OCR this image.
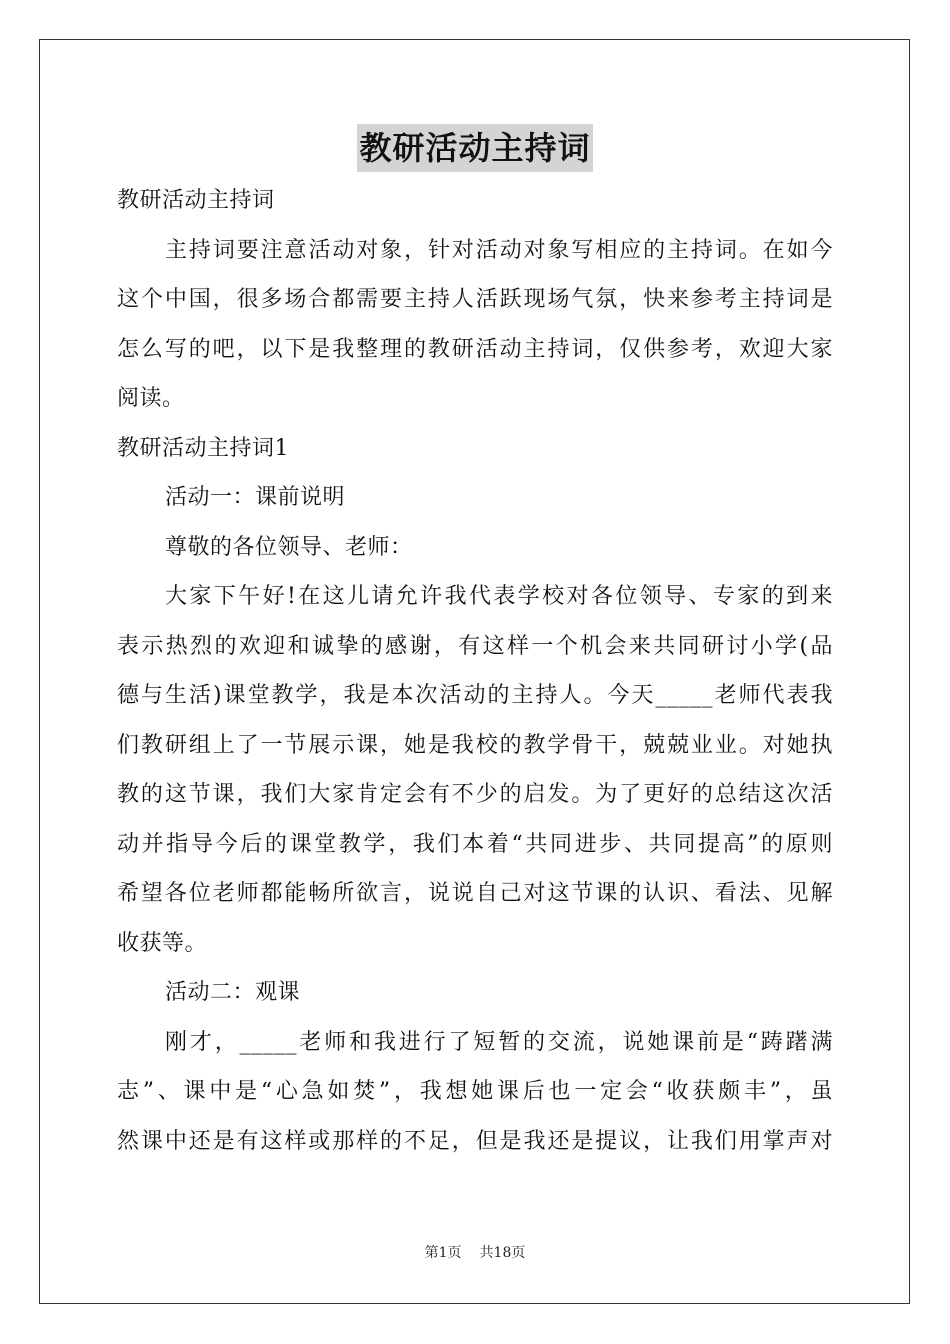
教研活动主持词
教研活动主持词
主持词要注意活动对象，针对活动对象写相应的主持词。在如今
这个中国，很多场合都需要主持人活跃现场气氛，快来参考主持词是
怎么写的吧，以下是我整理的教研活动主持词，仅供参考，欢迎大家
阅读。
教研活动主持词1
活动一：课前说明
尊敬的各位领导、老师：
大家下午好!在这儿请允许我代表学校对各位领导、专家的到来
表示热烈的欢迎和诚挚的感谢，有这样一个机会来共同研讨小学(品
德与生活)课堂教学，我是本次活动的主持人。今天_____老师代表我
们教研组上了一节展示课，她是我校的教学骨干，兢兢业业。对她执
教的这节课，我们大家肯定会有不少的启发。为了更好的总结这次活
动并指导今后的课堂教学，我们本着“共同进步、共同提高”的原则
希望各位老师都能畅所欲言，说说自己对这节课的认识、看法、见解
收获等。
活动二：观课
刚才，_____老师和我进行了短暂的交流，说她课前是“踌躇满
志”、课中是“心急如焚”，我想她课后也一定会“收获颇丰”，虽
然课中还是有这样或那样的不足，但是我还是提议，让我们用掌声对
第1页 共18页
